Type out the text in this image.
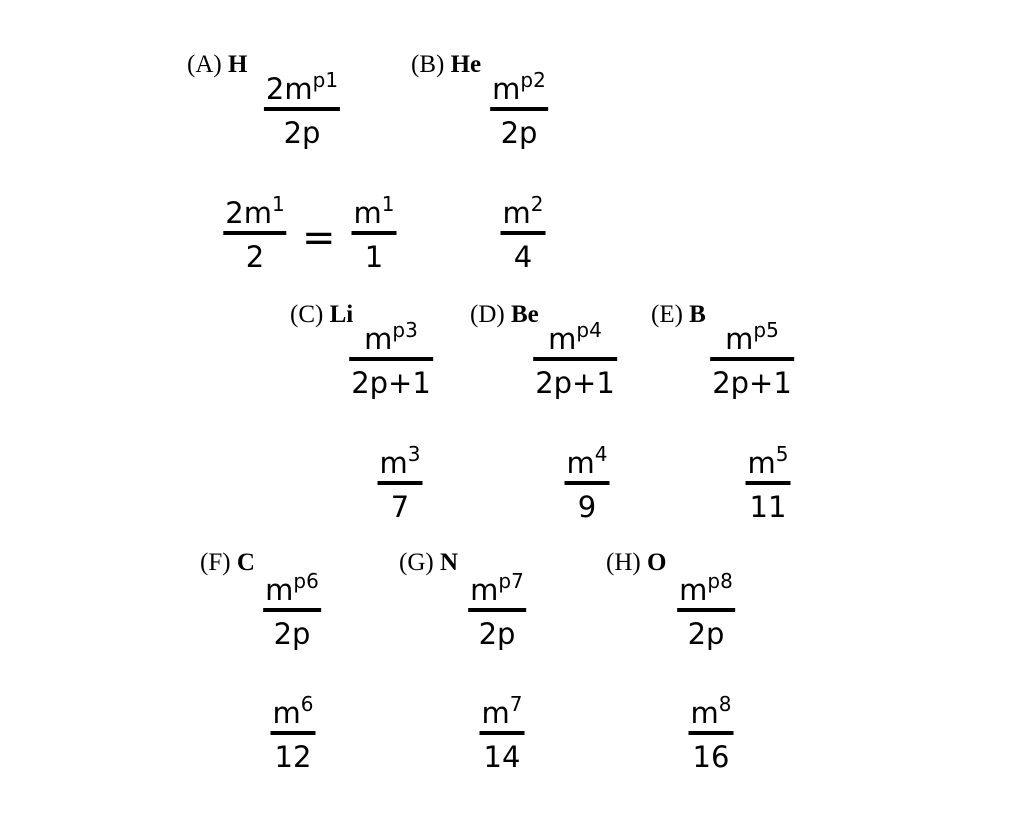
(A) H
$2m^{p1}$
2p
$2m^1$
2 =
$m^1$
1
(B) He
$m^{p2}$
2p
$m^2$
4
(C) Li
$m^{p3}$
2p+1
$m^3$
7
(D) Be
$m^{p4}$
2p+1
$m^4$
9
(E) B
$m^{p5}$
2p+1
$m^5$
11
(F) C
$m^{p6}$
2p
$m^6$
12
(G) N
$m^{p7}$
2p
$m^7$
14
(H) O
$m^{p8}$
2p
$m^8$
16
